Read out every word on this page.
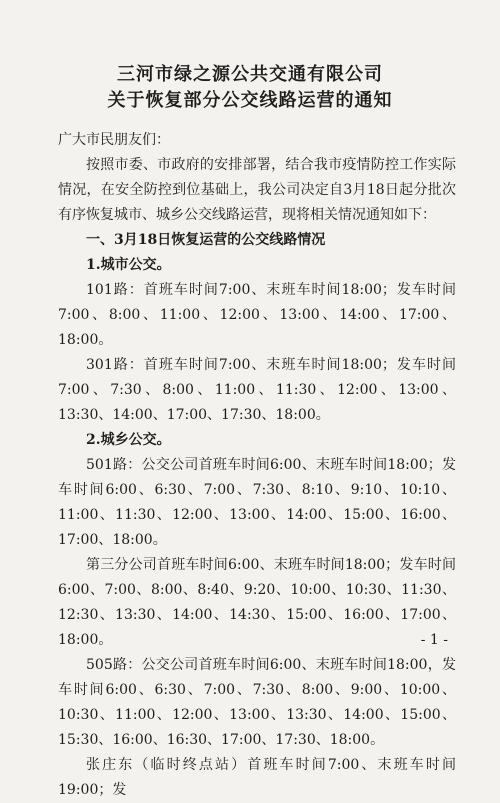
三河市绿之源公共交通有限公司
关于恢复部分公交线路运营的通知

广大市民朋友们：

按照市委、市政府的安排部署，结合我市疫情防控工作实际情况，在安全防控到位基础上，我公司决定自3月18日起分批次有序恢复城市、城乡公交线路运营，现将相关情况通知如下：

一、3月18日恢复运营的公交线路情况

1.城市公交。

101路：首班车时间7:00、末班车时间18:00；发车时间7:00、8:00、11:00、12:00、13:00、14:00、17:00、18:00。

301路：首班车时间7:00、末班车时间18:00；发车时间7:00、7:30、8:00、11:00、11:30、12:00、13:00、13:30、14:00、17:00、17:30、18:00。

2.城乡公交。

501路：公交公司首班车时间6:00、末班车时间18:00；发车时间6:00、6:30、7:00、7:30、8:10、9:10、10:10、11:00、11:30、12:00、13:00、14:00、15:00、16:00、17:00、18:00。

第三分公司首班车时间6:00、末班车时间18:00；发车时间6:00、7:00、8:00、8:40、9:20、10:00、10:30、11:30、12:30、13:30、14:00、14:30、15:00、16:00、17:00、18:00。

505路：公交公司首班车时间6:00、末班车时间18:00，发车时间6:00、6:30、7:00、7:30、8:00、9:00、10:00、10:30、11:00、12:00、13:00、13:30、14:00、15:00、15:30、16:00、16:30、17:00、17:30、18:00。

张庄东（临时终点站）首班车时间7:00、末班车时间19:00；发

- 1 -
